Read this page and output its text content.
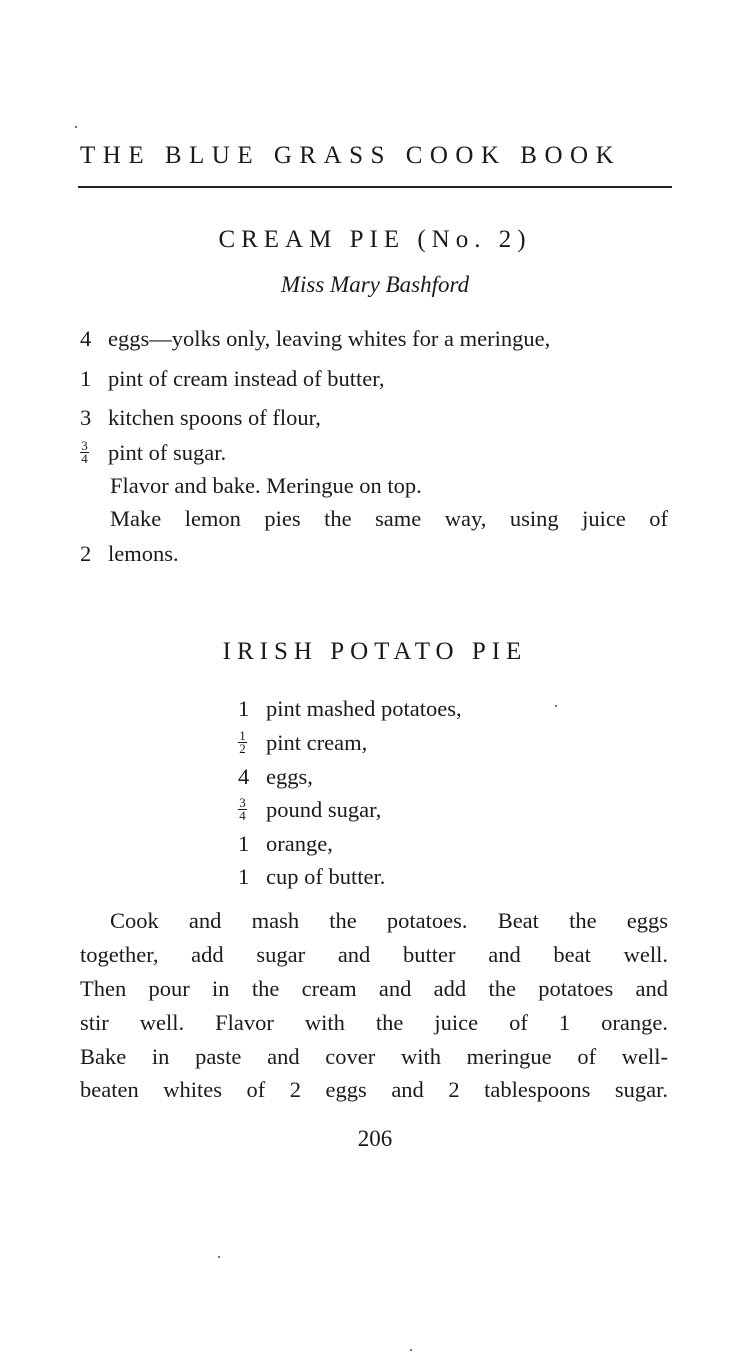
THE BLUE GRASS COOK BOOK
CREAM PIE (No. 2)
Miss Mary Bashford
4 eggs—yolks only, leaving whites for a meringue,
1 pint of cream instead of butter,
3 kitchen spoons of flour,
$\frac{3}{4}$ pint of sugar.
Flavor and bake. Meringue on top.
Make lemon pies the same way, using juice of
2 lemons.
IRISH POTATO PIE
1 pint mashed potatoes,
$\frac{1}{2}$ pint cream,
4 eggs,
$\frac{3}{4}$ pound sugar,
1 orange,
1 cup of butter.
Cook and mash the potatoes. Beat the eggs
together, add sugar and butter and beat well.
Then pour in the cream and add the potatoes and
stir well. Flavor with the juice of 1 orange.
Bake in paste and cover with meringue of well-
beaten whites of 2 eggs and 2 tablespoons sugar.
206
